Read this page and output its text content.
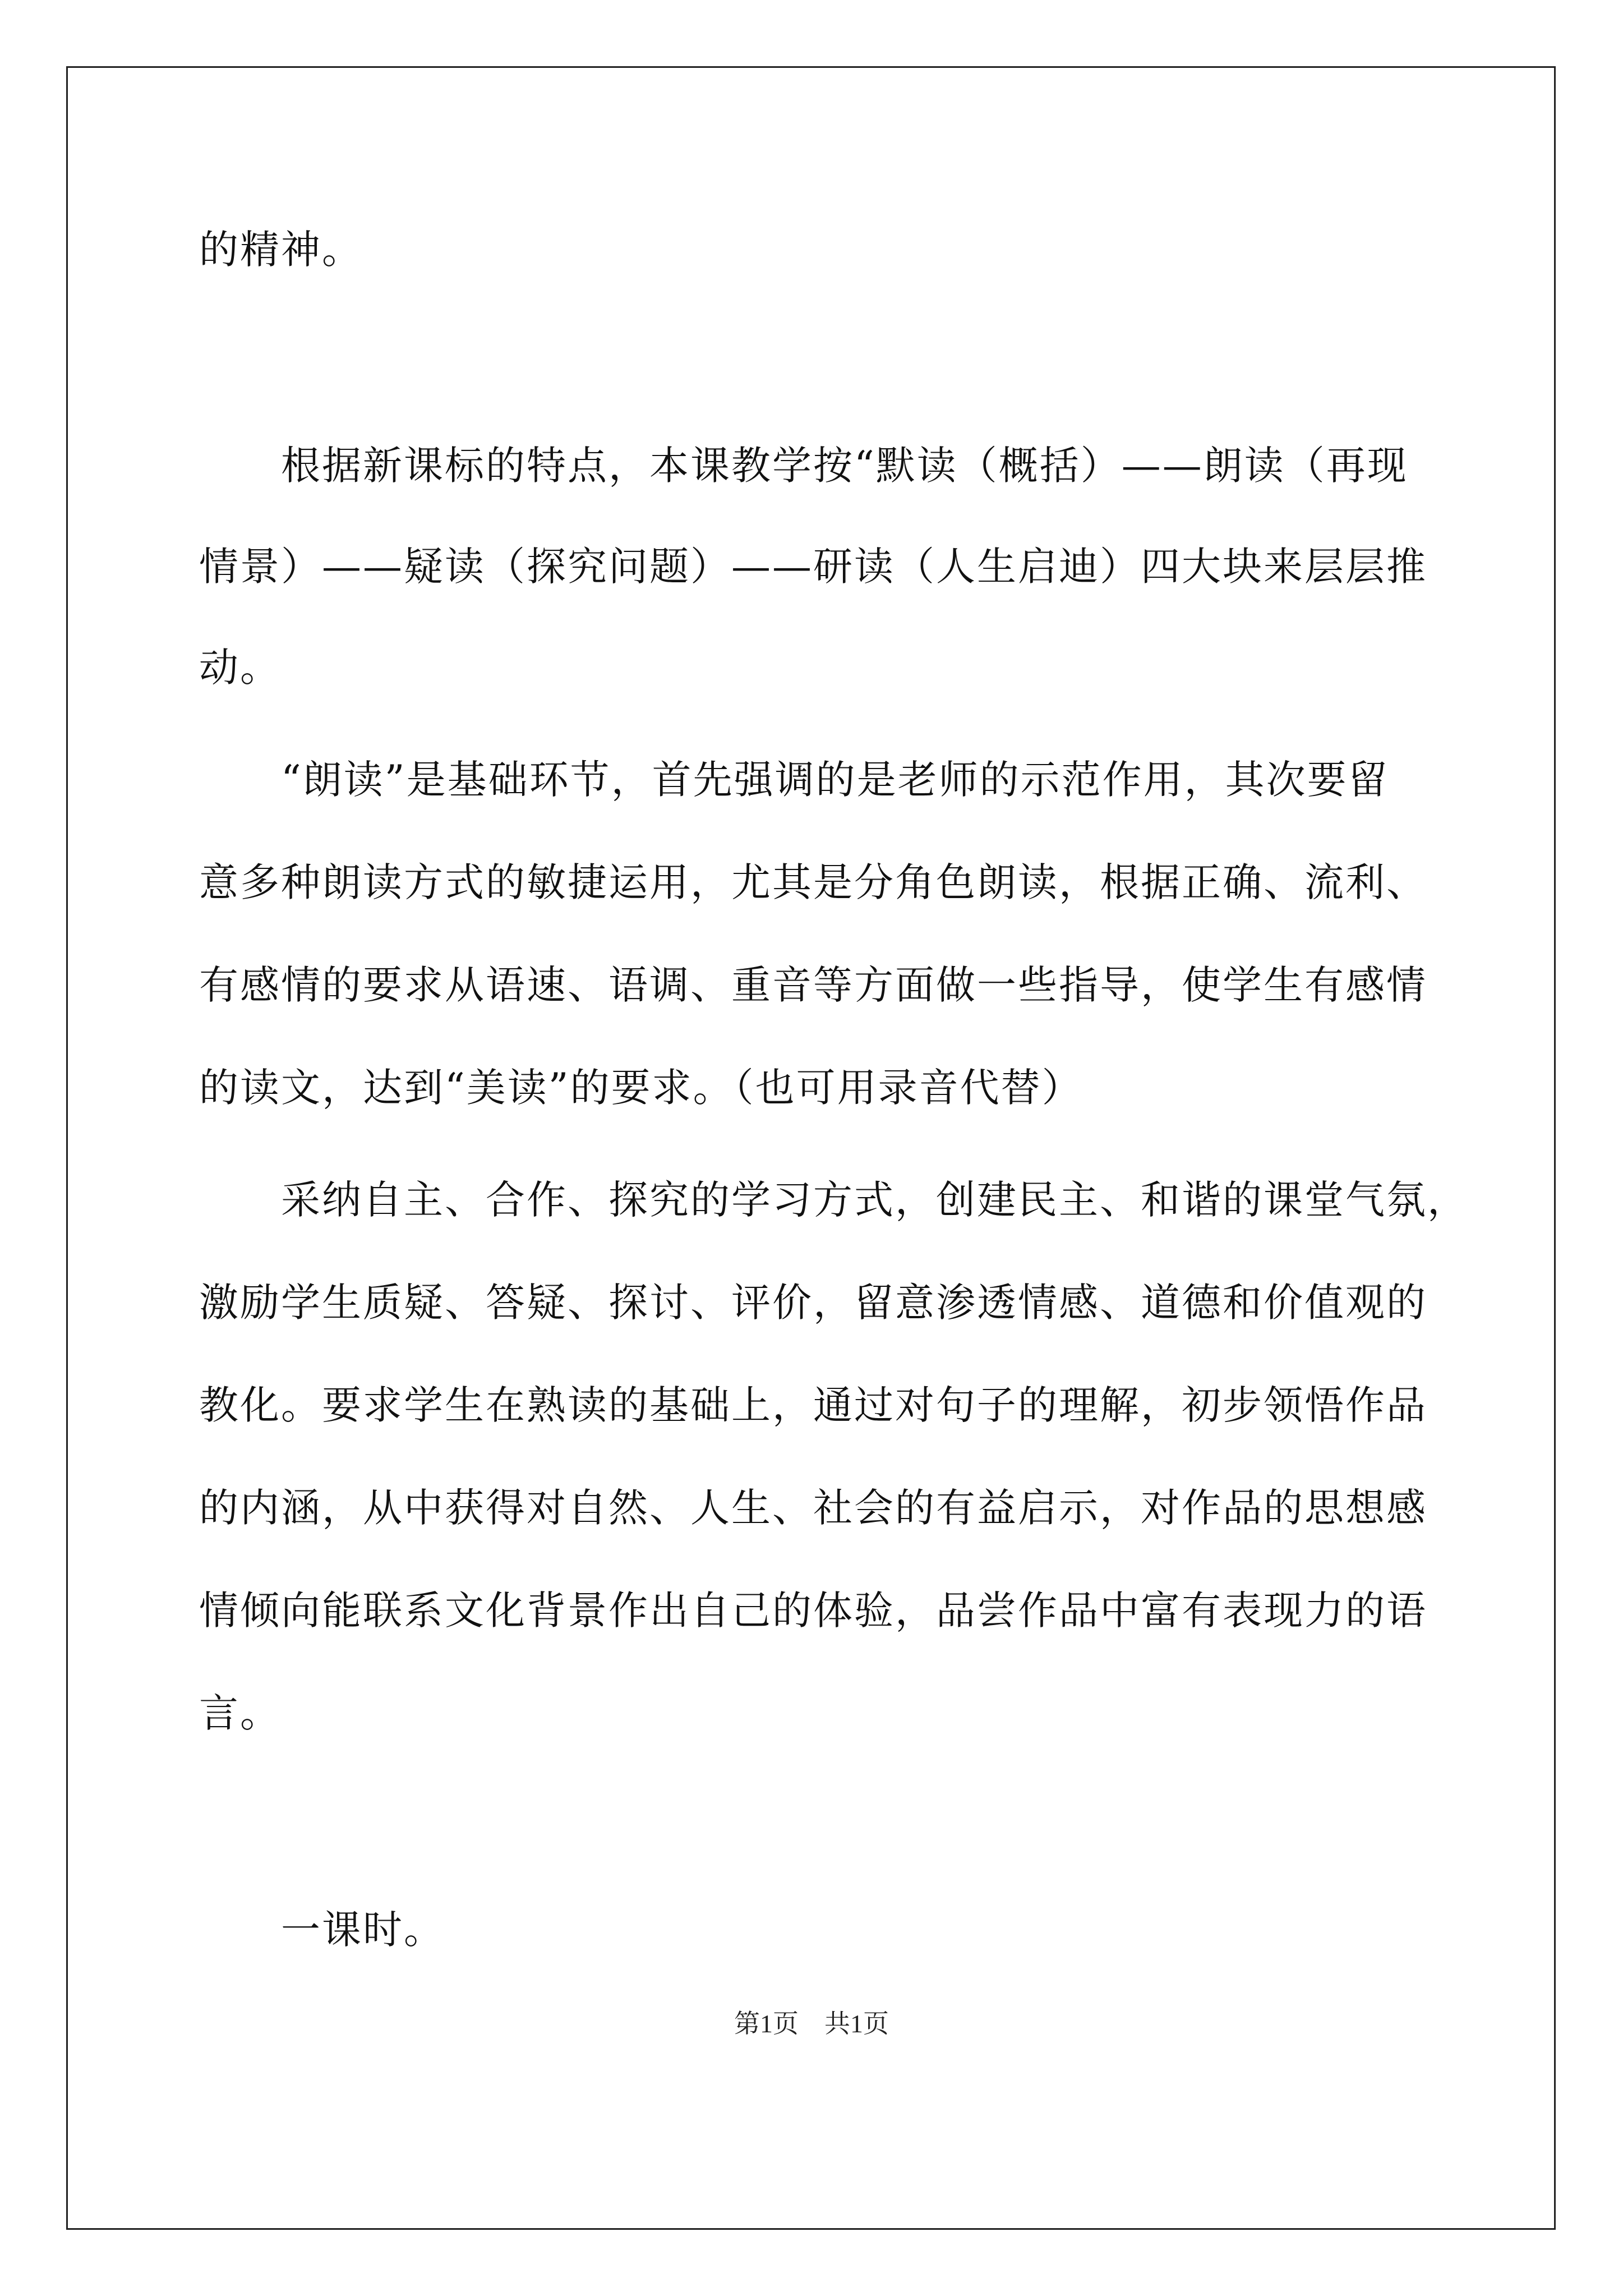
的精神。
根据新课标的特点，本课教学按“默读（概括）——朗读（再现
情景）——疑读（探究问题）——研读（人生启迪）四大块来层层推
动。
“朗读”是基础环节，首先强调的是老师的示范作用，其次要留
意多种朗读方式的敏捷运用，尤其是分角色朗读，根据正确、流利、
有感情的要求从语速、语调、重音等方面做一些指导，使学生有感情
的读文，达到“美读”的要求。（也可用录音代替）
采纳自主、合作、探究的学习方式，创建民主、和谐的课堂气氛，
激励学生质疑、答疑、探讨、评价，留意渗透情感、道德和价值观的
教化。要求学生在熟读的基础上，通过对句子的理解，初步领悟作品
的内涵，从中获得对自然、人生、社会的有益启示，对作品的思想感
情倾向能联系文化背景作出自己的体验，品尝作品中富有表现力的语
言。
一课时。
第1页　共1页
